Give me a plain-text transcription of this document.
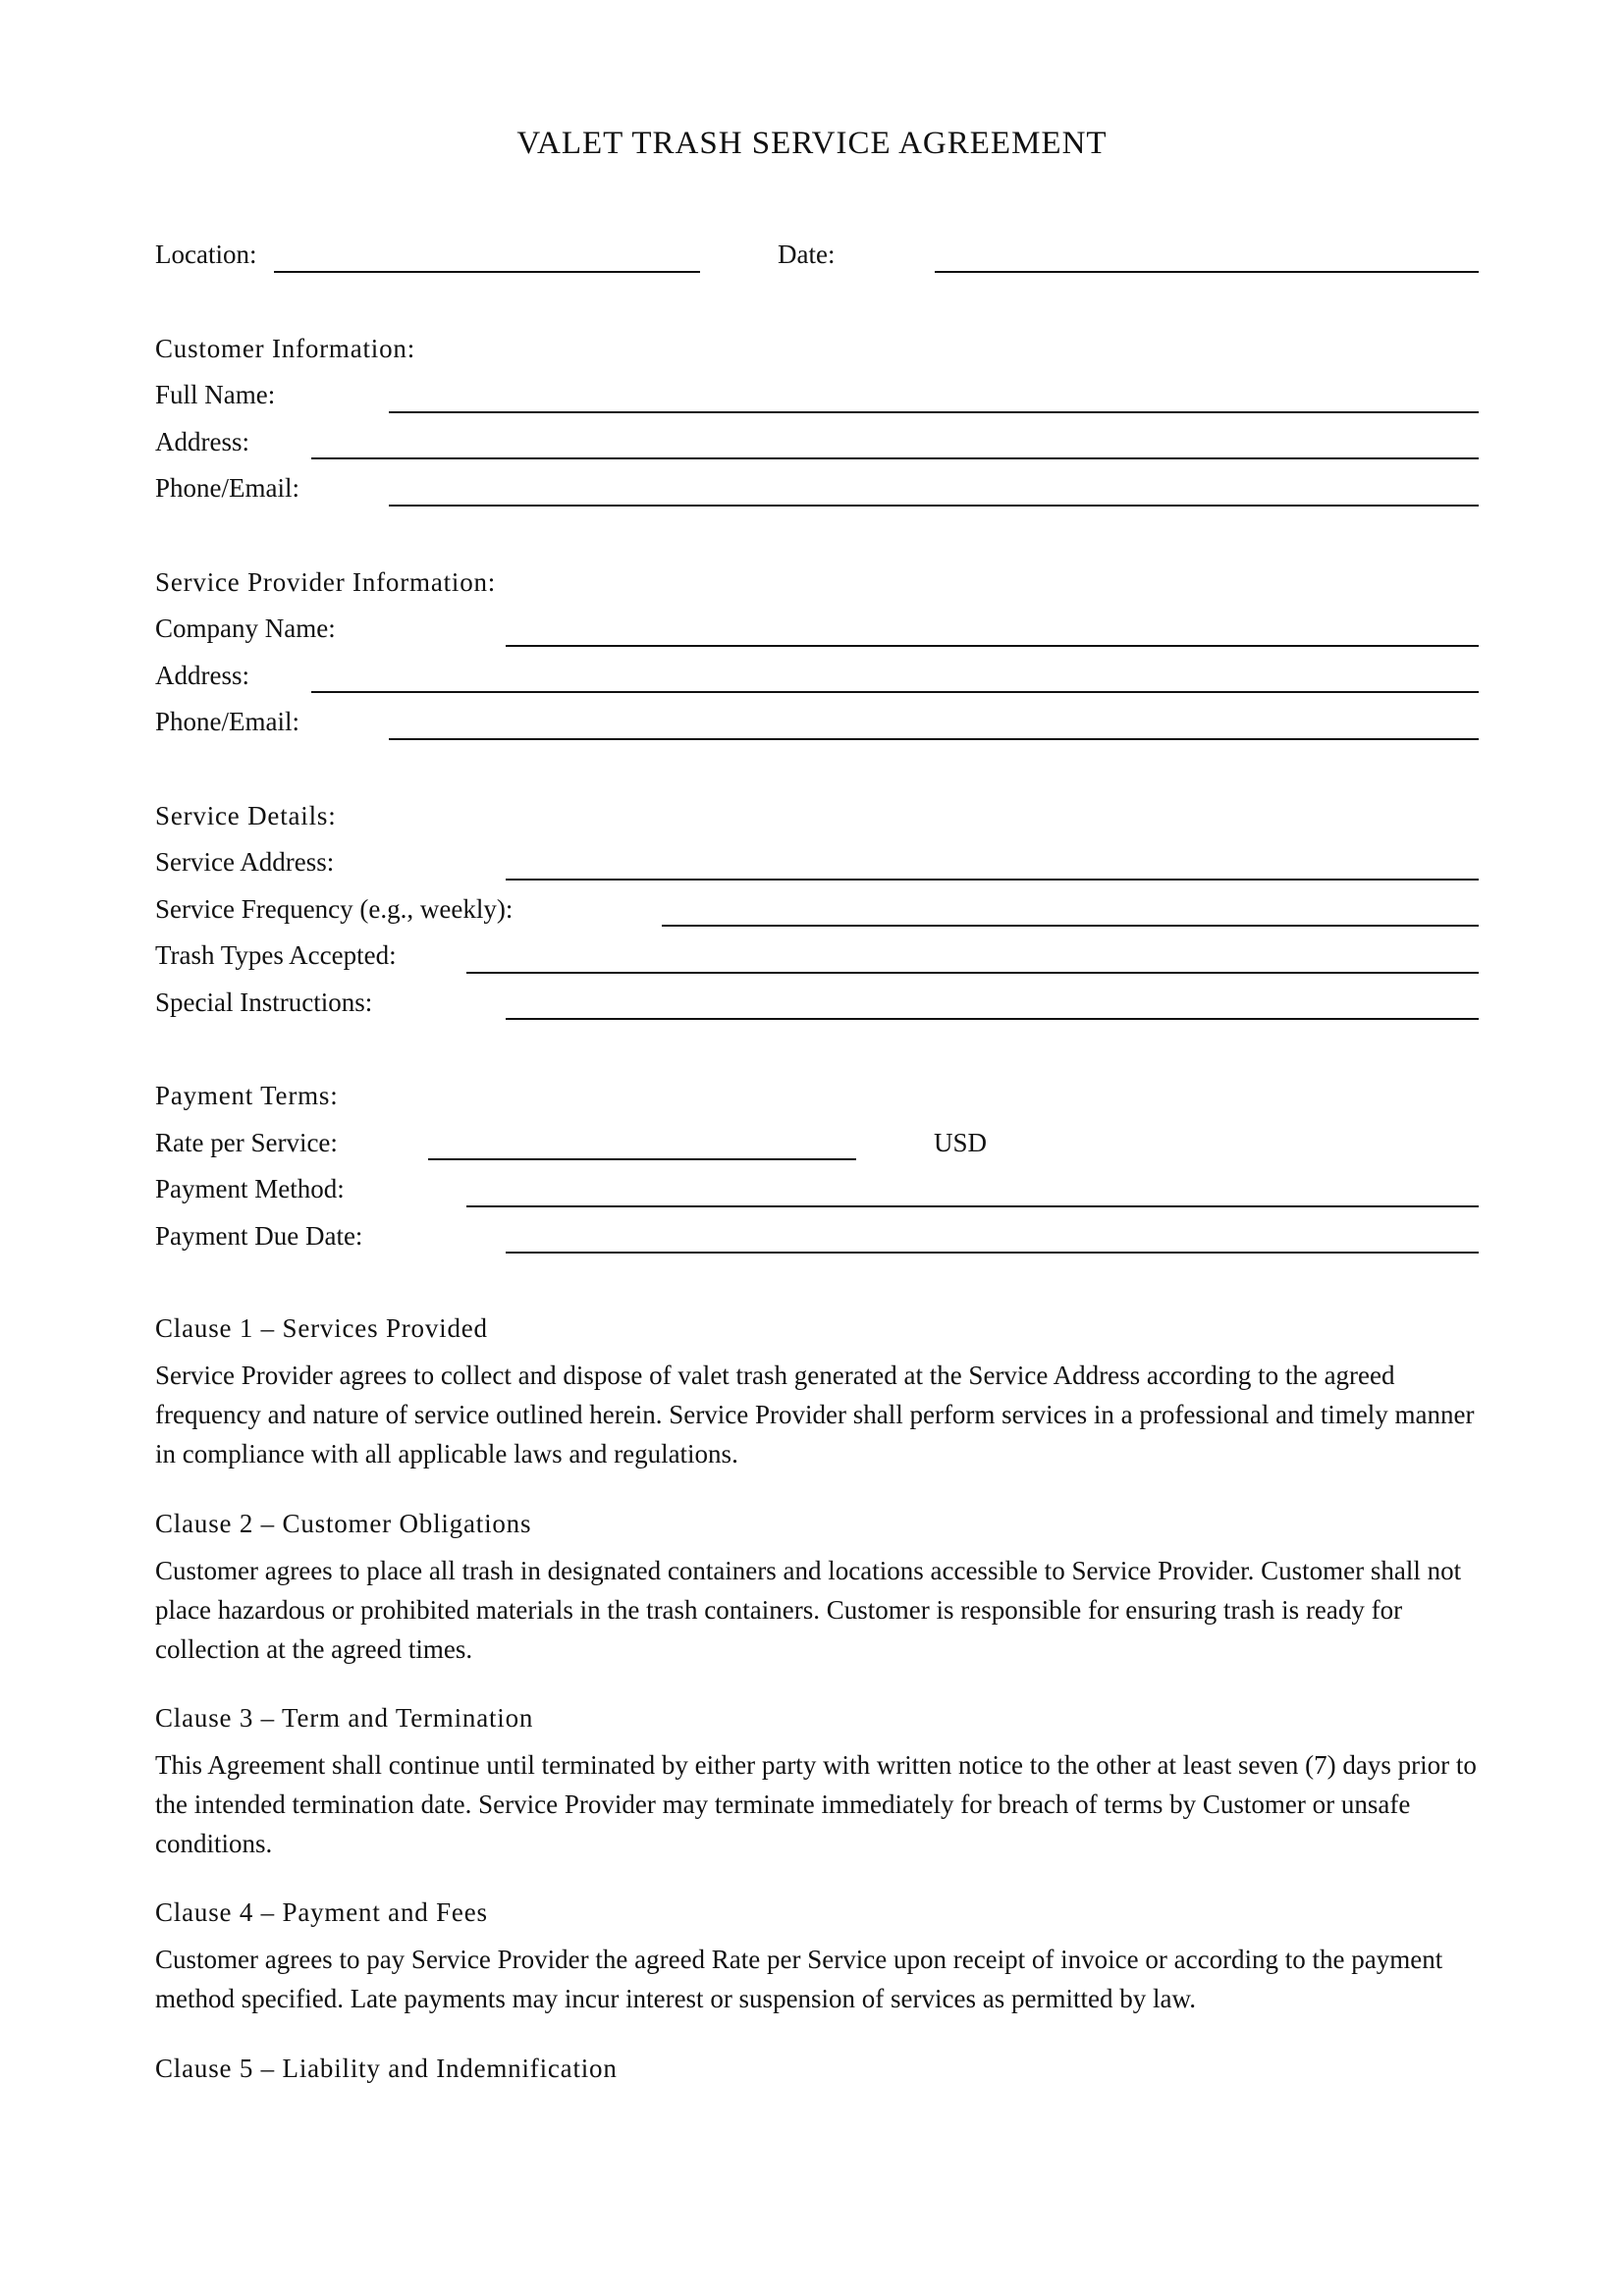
VALET TRASH SERVICE AGREEMENT
Location:	Date:
Customer Information:
Full Name:
Address:
Phone/Email:
Service Provider Information:
Company Name:
Address:
Phone/Email:
Service Details:
Service Address:
Service Frequency (e.g., weekly):
Trash Types Accepted:
Special Instructions:
Payment Terms:
Rate per Service:	USD
Payment Method:
Payment Due Date:
Clause 1 – Services Provided
Service Provider agrees to collect and dispose of valet trash generated at the Service Address according to the agreed frequency and nature of service outlined herein. Service Provider shall perform services in a professional and timely manner in compliance with all applicable laws and regulations.
Clause 2 – Customer Obligations
Customer agrees to place all trash in designated containers and locations accessible to Service Provider. Customer shall not place hazardous or prohibited materials in the trash containers. Customer is responsible for ensuring trash is ready for collection at the agreed times.
Clause 3 – Term and Termination
This Agreement shall continue until terminated by either party with written notice to the other at least seven (7) days prior to the intended termination date. Service Provider may terminate immediately for breach of terms by Customer or unsafe conditions.
Clause 4 – Payment and Fees
Customer agrees to pay Service Provider the agreed Rate per Service upon receipt of invoice or according to the payment method specified. Late payments may incur interest or suspension of services as permitted by law.
Clause 5 – Liability and Indemnification
